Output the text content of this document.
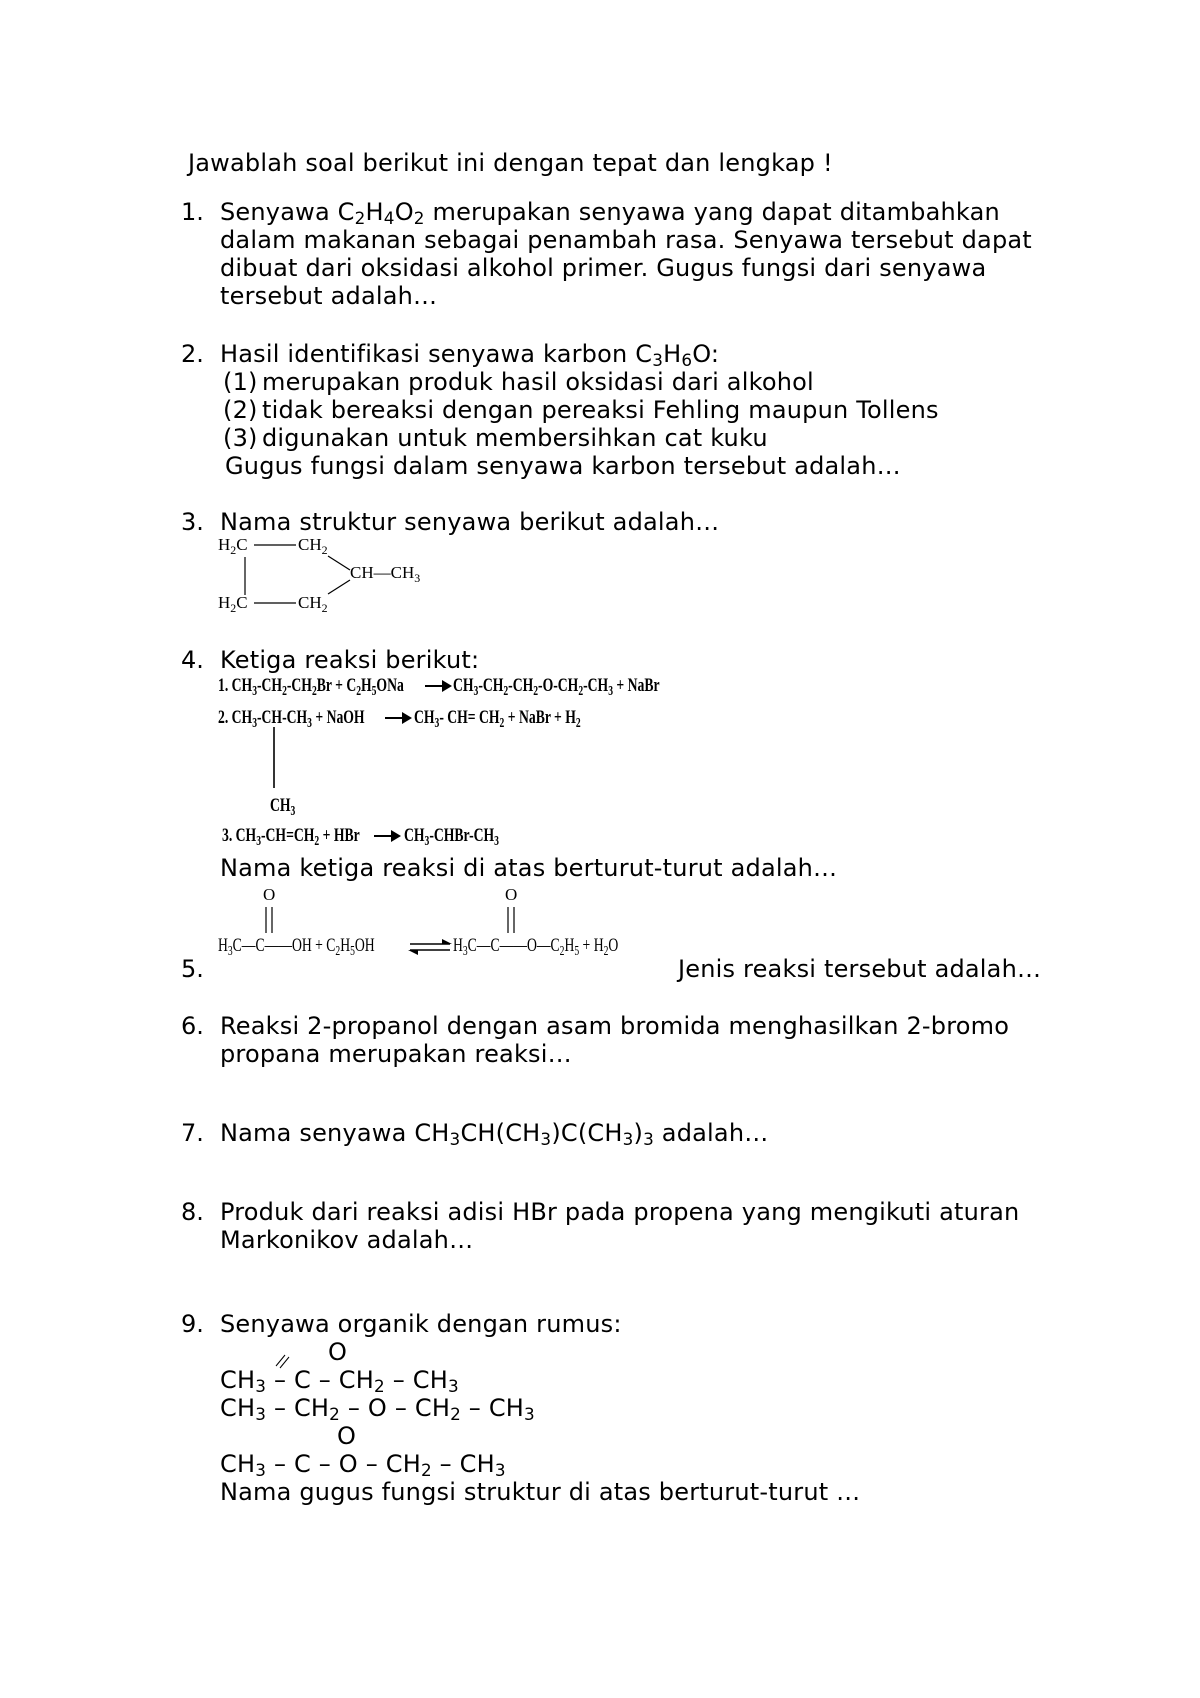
Jawablah soal berikut ini dengan tepat dan lengkap !
1.
2.
3.
4.
5.
6.
7.
8.
9.
Senyawa $C_2H_4O_2$ merupakan senyawa yang dapat ditambahkan
dalam makanan sebagai penambah rasa. Senyawa tersebut dapat
dibuat dari oksidasi alkohol primer. Gugus fungsi dari senyawa
tersebut adalah…
Hasil identifikasi senyawa karbon $C_3H_6O$:
(1) merupakan produk hasil oksidasi dari alkohol
(2) tidak bereaksi dengan pereaksi Fehling maupun Tollens
(3) digunakan untuk membersihkan cat kuku
Gugus fungsi dalam senyawa karbon tersebut adalah…
Nama struktur senyawa berikut adalah…
$H_2C$	$CH_2$
$CH—CH_3$
$H_2C$	$CH_2$
Ketiga reaksi berikut:
1. $CH_3-CH_2-CH_2Br + C_2H_5ONa$	$CH_3-CH_2-CH_2-O-CH_2-CH_3$ + NaBr
2. $CH_3-CH-CH_3$ + NaOH	$CH_3-$ $CH= CH_2$ + NaBr + $H_2$
$CH_3$
3. $CH_3-CH=CH_2$ + HBr $CH_3-CHBr-CH_3$
Nama ketiga reaksi di atas berturut-turut adalah…
O	O
$H_3C—C——OH + C_2H_5OH$	$H_3C—C——O—C_2H_5 + H_2O$
Jenis reaksi tersebut adalah…
Reaksi 2-propanol dengan asam bromida menghasilkan 2-bromo
propana merupakan reaksi…
Nama senyawa $CH_3CH(CH_3)C(CH_3)_3$ adalah…
Produk dari reaksi adisi HBr pada propena yang mengikuti aturan
Markonikov adalah…
Senyawa organik dengan rumus:
O
$CH_3$ – C – $CH_2 - CH_3$
$CH_3 - CH_2$ – O – $CH_2 - CH_3$
O
$CH_3$ – C – O – $CH_2 - CH_3$
Nama gugus fungsi struktur di atas berturut-turut …
